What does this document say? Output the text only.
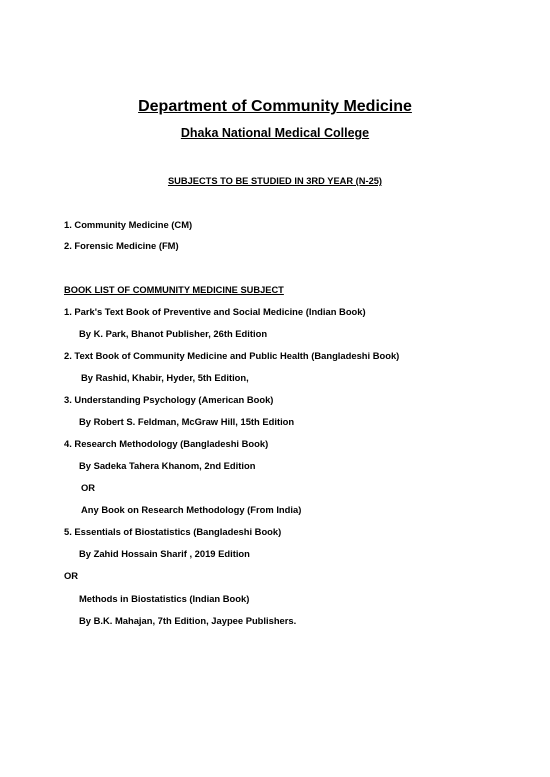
Department of Community Medicine
Dhaka National Medical College
SUBJECTS TO BE STUDIED IN 3RD YEAR (N-25)
1. Community Medicine (CM)
2. Forensic Medicine (FM)
BOOK LIST OF COMMUNITY MEDICINE SUBJECT
1. Park's Text Book of Preventive and Social Medicine (Indian Book)
By K. Park, Bhanot Publisher, 26th Edition
2. Text Book of Community Medicine and Public Health (Bangladeshi Book)
By Rashid, Khabir, Hyder, 5th Edition,
3. Understanding Psychology (American Book)
By Robert S. Feldman, McGraw Hill, 15th Edition
4. Research Methodology (Bangladeshi Book)
By Sadeka Tahera Khanom, 2nd Edition
OR
Any Book on Research Methodology (From India)
5. Essentials of Biostatistics (Bangladeshi Book)
By Zahid Hossain Sharif , 2019 Edition
OR
Methods in Biostatistics (Indian Book)
By B.K. Mahajan, 7th Edition, Jaypee Publishers.
